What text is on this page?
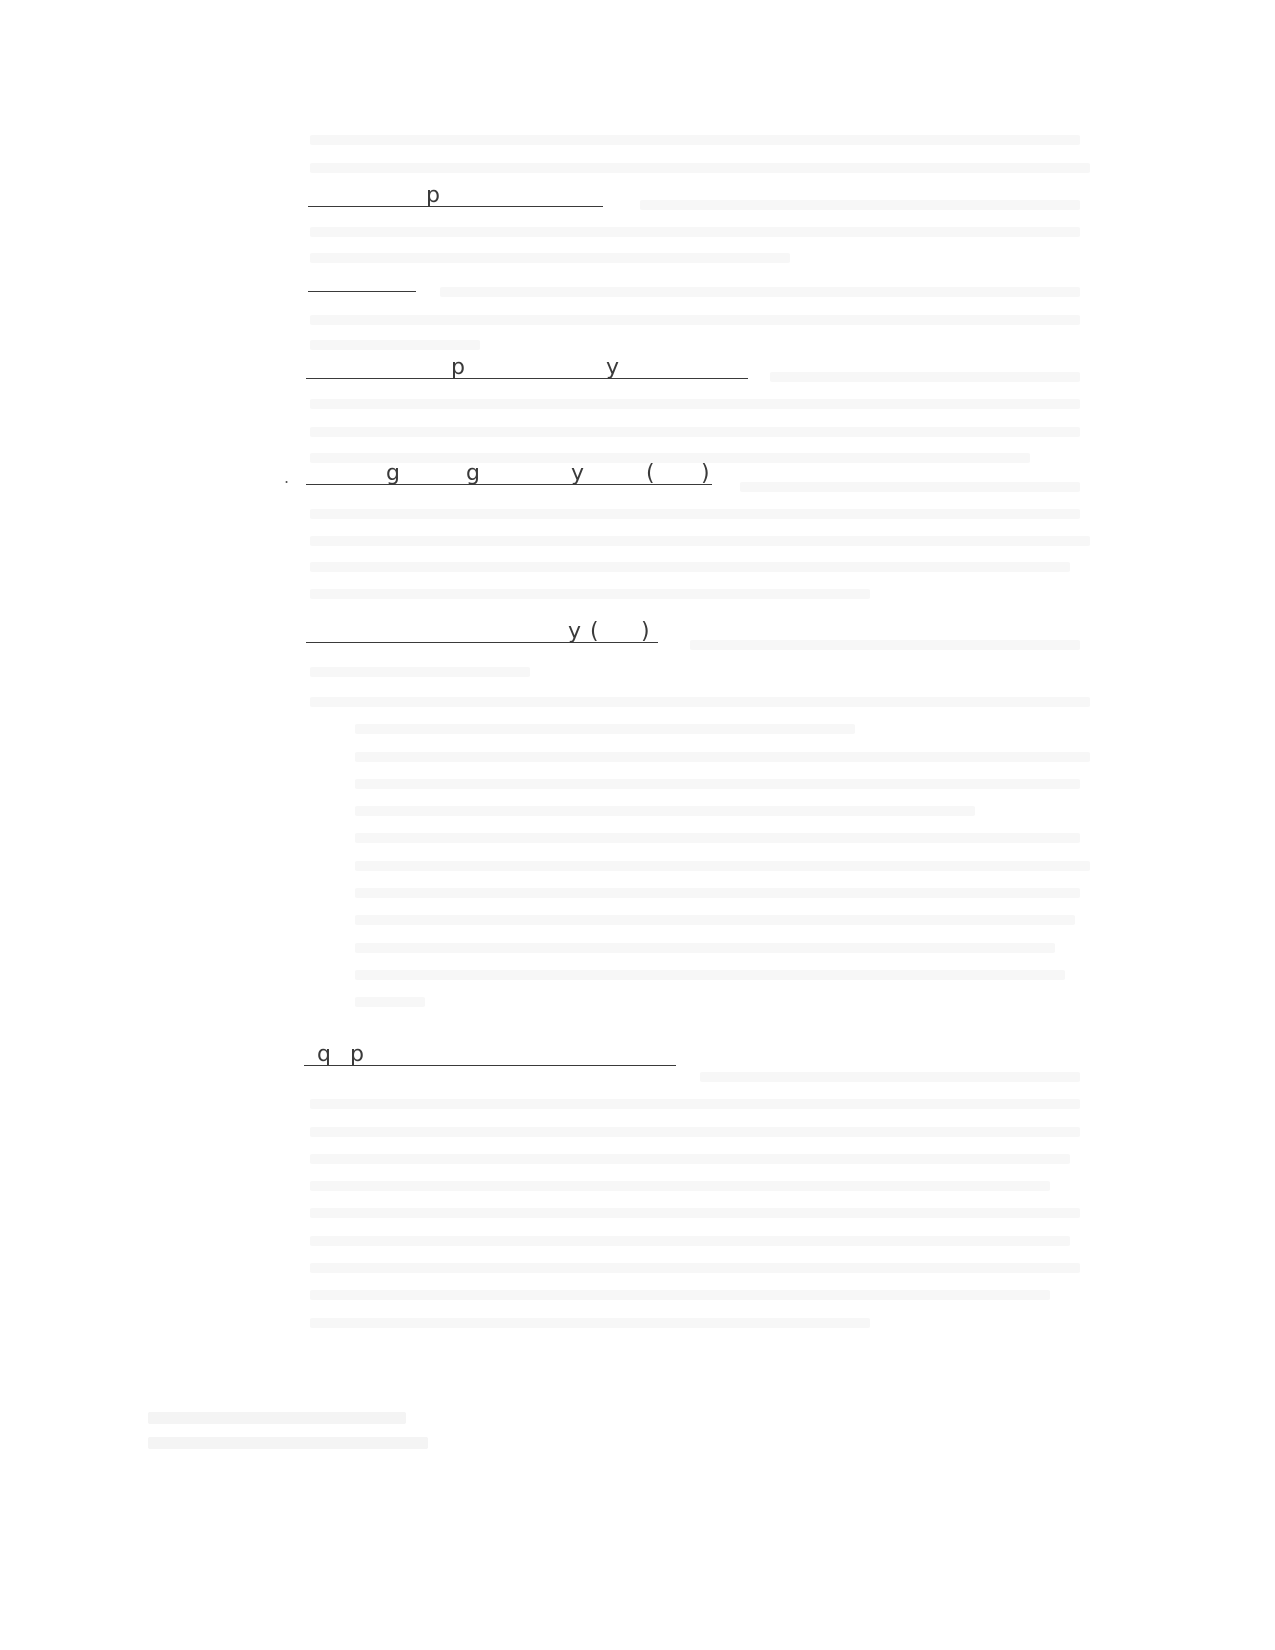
p
p	y
.	g	g	y	( )
y ( )
q p
